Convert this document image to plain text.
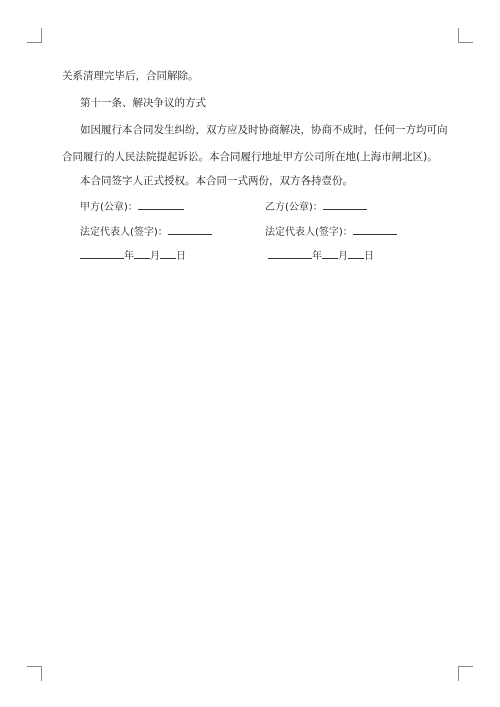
关系清理完毕后，合同解除。
第十一条、解决争议的方式
如因履行本合同发生纠纷，双方应及时协商解决，协商不成时，任何一方均可向
合同履行的人民法院提起诉讼。本合同履行地址甲方公司所在地(上海市闸北区)。
本合同签字人正式授权。本合同一式两份，双方各持壹份。
甲方(公章)：	乙方(公章)：
法定代表人(签字)：	法定代表人(签字)：
年 月 日	年 月 日
